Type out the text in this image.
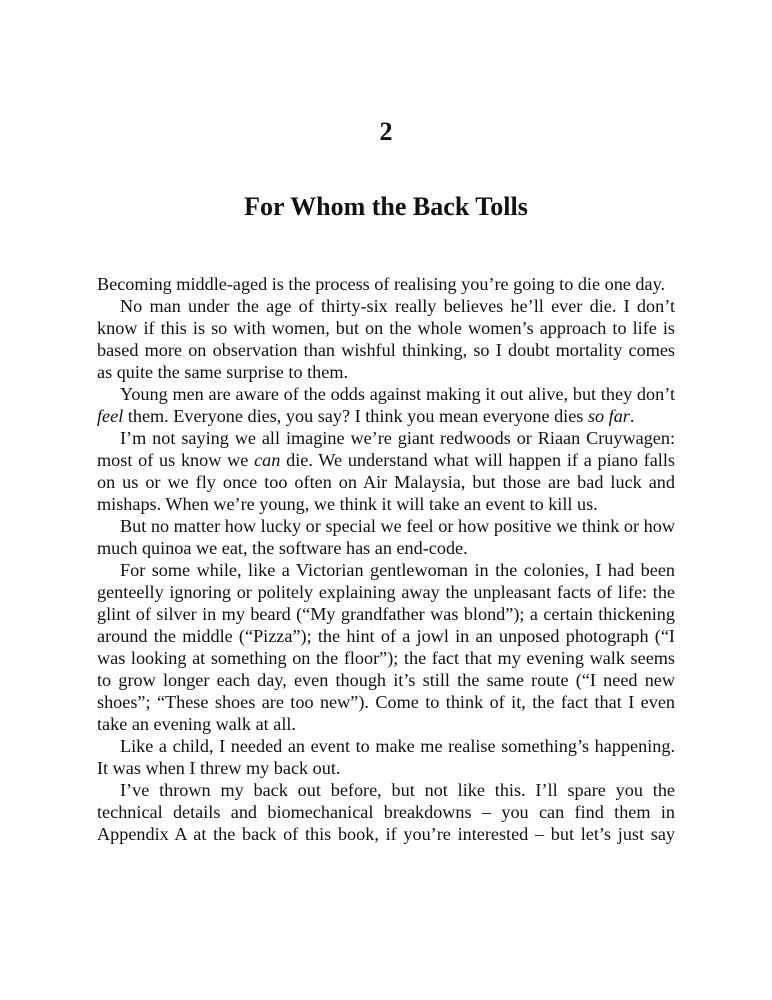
2
For Whom the Back Tolls

Becoming middle-aged is the process of realising you’re going to die one day.

No man under the age of thirty-six really believes he’ll ever die. I don’t know if this is so with women, but on the whole women’s approach to life is based more on observation than wishful thinking, so I doubt mortality comes as quite the same surprise to them.

Young men are aware of the odds against making it out alive, but they don’t feel them. Everyone dies, you say? I think you mean everyone dies so far.

I’m not saying we all imagine we’re giant redwoods or Riaan Cruywagen: most of us know we can die. We understand what will happen if a piano falls on us or we fly once too often on Air Malaysia, but those are bad luck and mishaps. When we’re young, we think it will take an event to kill us.

But no matter how lucky or special we feel or how positive we think or how much quinoa we eat, the software has an end-code.

For some while, like a Victorian gentlewoman in the colonies, I had been genteelly ignoring or politely explaining away the unpleasant facts of life: the glint of silver in my beard (“My grandfather was blond”); a certain thickening around the middle (“Pizza”); the hint of a jowl in an unposed photograph (“I was looking at something on the floor”); the fact that my evening walk seems to grow longer each day, even though it’s still the same route (“I need new shoes”; “These shoes are too new”). Come to think of it, the fact that I even take an evening walk at all.

Like a child, I needed an event to make me realise something’s happening. It was when I threw my back out.

I’ve thrown my back out before, but not like this. I’ll spare you the technical details and biomechanical breakdowns – you can find them in Appendix A at the back of this book, if you’re interested – but let’s just say
